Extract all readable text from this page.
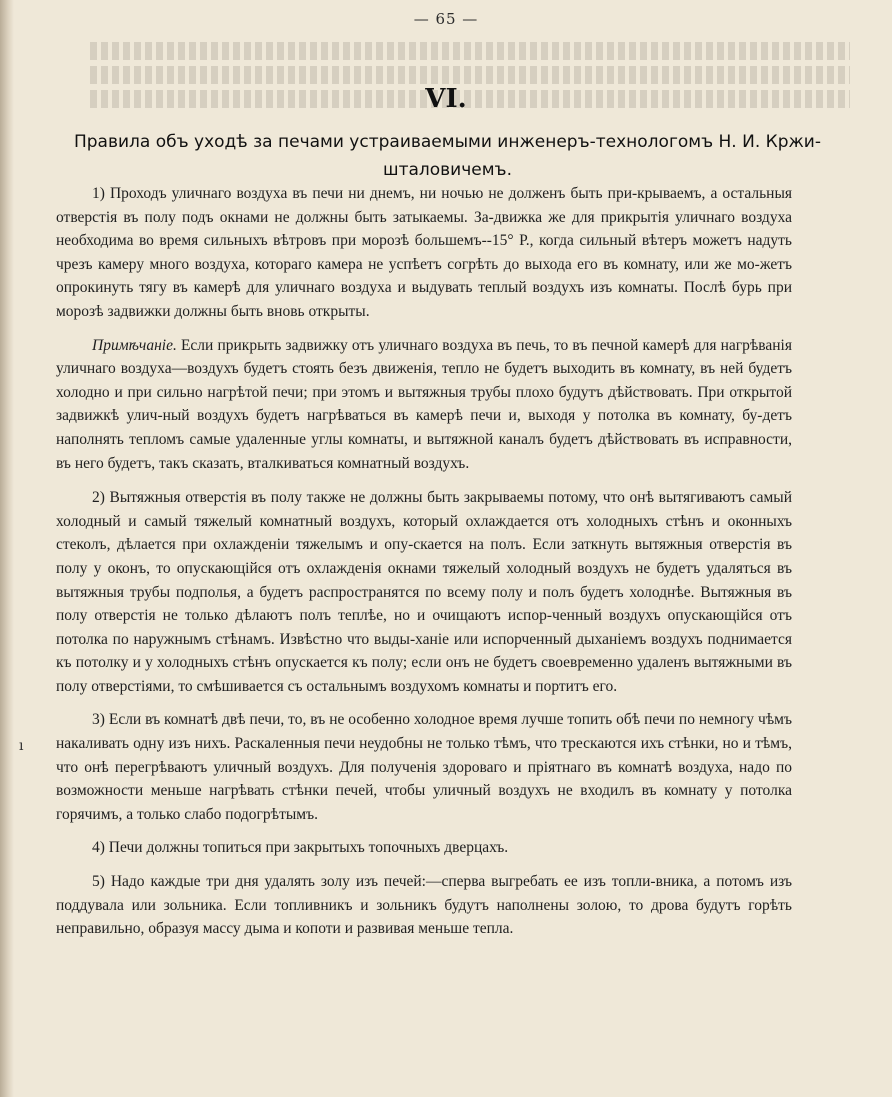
— 65 —
VI.
Правила объ уходѣ за печами устраиваемыми инженеръ-технологомъ Н. И. Кржи-шталовичемъ.
ı

1) Проходъ уличнаго воздуха въ печи ни днемъ, ни ночью не долженъ быть при-крываемъ, а остальныя отверстія въ полу подъ окнами не должны быть затыкаемы. За-движка же для прикрытія уличнаго воздуха необходима во время сильныхъ вѣтровъ при морозѣ большемъ--15° Р., когда сильный вѣтеръ можетъ надуть чрезъ камеру много воздуха, котораго камера не успѣетъ согрѣть до выхода его въ комнату, или же мо-жетъ опрокинуть тягу въ камерѣ для уличнаго воздуха и выдувать теплый воздухъ изъ комнаты. Послѣ бурь при морозѣ задвижки должны быть вновь открыты.

Примѣчаніе. Если прикрыть задвижку отъ уличнаго воздуха въ печь, то въ печной камерѣ для нагрѣванія уличнаго воздуха—воздухъ будетъ стоять безъ движенія, тепло не будетъ выходить въ комнату, въ ней будетъ холодно и при сильно нагрѣтой печи; при этомъ и вытяжныя трубы плохо будутъ дѣйствовать. При открытой задвижкѣ улич-ный воздухъ будетъ нагрѣваться въ камерѣ печи и, выходя у потолка въ комнату, бу-детъ наполнять тепломъ самые удаленные углы комнаты, и вытяжной каналъ будетъ дѣйствовать въ исправности, въ него будетъ, такъ сказать, вталкиваться комнатный воздухъ.

2) Вытяжныя отверстія въ полу также не должны быть закрываемы потому, что онѣ вытягиваютъ самый холодный и самый тяжелый комнатный воздухъ, который охлаждается отъ холодныхъ стѣнъ и оконныхъ стеколъ, дѣлается при охлажденіи тяжелымъ и опу-скается на полъ. Если заткнуть вытяжныя отверстія въ полу у оконъ, то опускающійся отъ охлажденія окнами тяжелый холодный воздухъ не будетъ удаляться въ вытяжныя трубы подполья, а будетъ распространятся по всему полу и полъ будетъ холоднѣе. Вытяжныя въ полу отверстія не только дѣлаютъ полъ теплѣе, но и очищаютъ испор-ченный воздухъ опускающійся отъ потолка по наружнымъ стѣнамъ. Извѣстно что выды-ханіе или испорченный дыханіемъ воздухъ поднимается къ потолку и у холодныхъ стѣнъ опускается къ полу; если онъ не будетъ своевременно удаленъ вытяжными въ полу отверстіями, то смѣшивается съ остальнымъ воздухомъ комнаты и портитъ его.

3) Если въ комнатѣ двѣ печи, то, въ не особенно холодное время лучше топить обѣ печи по немногу чѣмъ накаливать одну изъ нихъ. Раскаленныя печи неудобны не только тѣмъ, что трескаются ихъ стѣнки, но и тѣмъ, что онѣ перегрѣваютъ уличный воздухъ. Для полученія здороваго и пріятнаго въ комнатѣ воздуха, надо по возможности меньше нагрѣвать стѣнки печей, чтобы уличный воздухъ не входилъ въ комнату у потолка горячимъ, а только слабо подогрѣтымъ.

4) Печи должны топиться при закрытыхъ топочныхъ дверцахъ.

5) Надо каждые три дня удалять золу изъ печей:—сперва выгребать ее изъ топли-вника, а потомъ изъ поддувала или зольника. Если топливникъ и зольникъ будутъ наполнены золою, то дрова будутъ горѣть неправильно, образуя массу дыма и копоти и развивая меньше тепла.
